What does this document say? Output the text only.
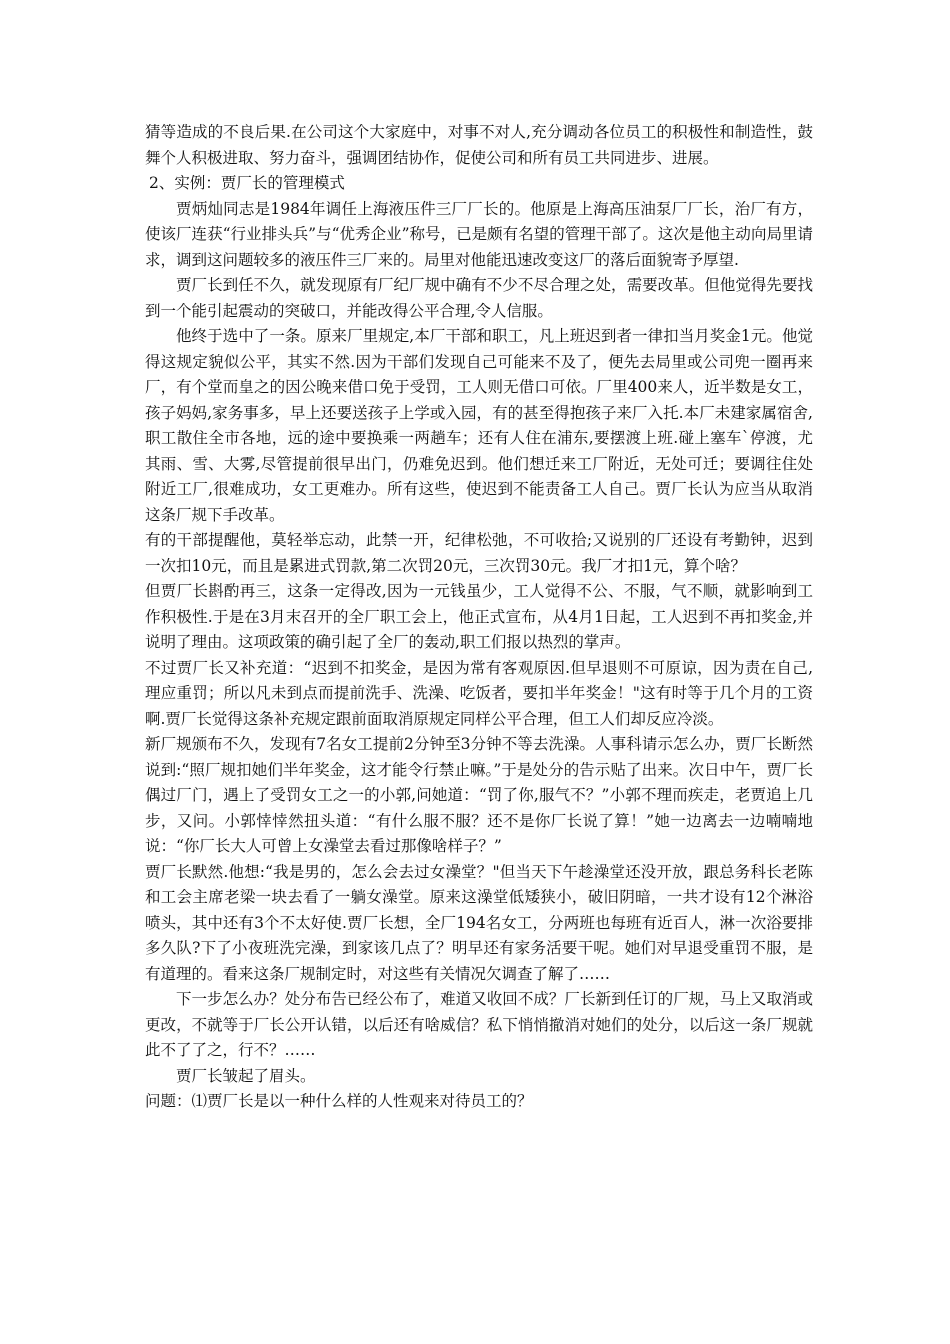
猜等造成的不良后果.在公司这个大家庭中，对事不对人,充分调动各位员工的积极性和制造性，鼓舞个人积极进取、努力奋斗，强调团结协作，促使公司和所有员工共同进步、进展。

2、实例：贾厂长的管理模式

贾炳灿同志是1984年调任上海液压件三厂厂长的。他原是上海高压油泵厂厂长，治厂有方，使该厂连获“行业排头兵”与“优秀企业”称号，已是颇有名望的管理干部了。这次是他主动向局里请求，调到这问题较多的液压件三厂来的。局里对他能迅速改变这厂的落后面貌寄予厚望.

贾厂长到任不久，就发现原有厂纪厂规中确有不少不尽合理之处，需要改革。但他觉得先要找到一个能引起震动的突破口，并能改得公平合理,令人信服。

他终于选中了一条。原来厂里规定,本厂干部和职工，凡上班迟到者一律扣当月奖金1元。他觉得这规定貌似公平，其实不然.因为干部们发现自己可能来不及了，便先去局里或公司兜一圈再来厂，有个堂而皇之的因公晚来借口免于受罚，工人则无借口可依。厂里400来人，近半数是女工，孩子妈妈,家务事多，早上还要送孩子上学或入园，有的甚至得抱孩子来厂入托.本厂未建家属宿舍,职工散住全市各地，远的途中要换乘一两趟车；还有人住在浦东,要摆渡上班.碰上塞车`停渡，尤其雨、雪、大雾,尽管提前很早出门，仍难免迟到。他们想迁来工厂附近，无处可迁；要调往住处附近工厂,很难成功，女工更难办。所有这些，使迟到不能责备工人自己。贾厂长认为应当从取消这条厂规下手改革。

有的干部提醒他，莫轻举忘动，此禁一开，纪律松弛，不可收拾;又说别的厂还设有考勤钟，迟到一次扣10元，而且是累进式罚款,第二次罚20元，三次罚30元。我厂才扣1元，算个啥？

但贾厂长斟酌再三，这条一定得改,因为一元钱虽少，工人觉得不公、不服，气不顺，就影响到工作积极性.于是在3月末召开的全厂职工会上，他正式宣布，从4月1日起，工人迟到不再扣奖金,并说明了理由。这项政策的确引起了全厂的轰动,职工们报以热烈的掌声。

不过贾厂长又补充道：“迟到不扣奖金，是因为常有客观原因.但早退则不可原谅，因为责在自己,理应重罚；所以凡未到点而提前洗手、洗澡、吃饭者，要扣半年奖金！"这有时等于几个月的工资啊.贾厂长觉得这条补充规定跟前面取消原规定同样公平合理，但工人们却反应冷淡。

新厂规颁布不久，发现有7名女工提前2分钟至3分钟不等去洗澡。人事科请示怎么办，贾厂长断然说到:“照厂规扣她们半年奖金，这才能令行禁止嘛。”于是处分的告示贴了出来。次日中午，贾厂长偶过厂门，遇上了受罚女工之一的小郭,问她道：“罚了你,服气不？”小郭不理而疾走，老贾追上几步，又问。小郭悻悻然扭头道：“有什么服不服？还不是你厂长说了算！”她一边离去一边喃喃地说：“你厂长大人可曾上女澡堂去看过那像啥样子？”

贾厂长默然.他想:“我是男的，怎么会去过女澡堂？"但当天下午趁澡堂还没开放，跟总务科长老陈和工会主席老梁一块去看了一躺女澡堂。原来这澡堂低矮狭小，破旧阴暗，一共才设有12个淋浴喷头，其中还有3个不太好使.贾厂长想，全厂194名女工，分两班也每班有近百人，淋一次浴要排多久队?下了小夜班洗完澡，到家该几点了？明早还有家务活要干呢。她们对早退受重罚不服，是有道理的。看来这条厂规制定时，对这些有关情况欠调查了解了……

下一步怎么办？处分布告已经公布了，难道又收回不成？厂长新到任订的厂规，马上又取消或更改，不就等于厂长公开认错，以后还有啥威信？私下悄悄撤消对她们的处分，以后这一条厂规就此不了了之，行不？……

贾厂长皱起了眉头。

问题：⑴贾厂长是以一种什么样的人性观来对待员工的？
